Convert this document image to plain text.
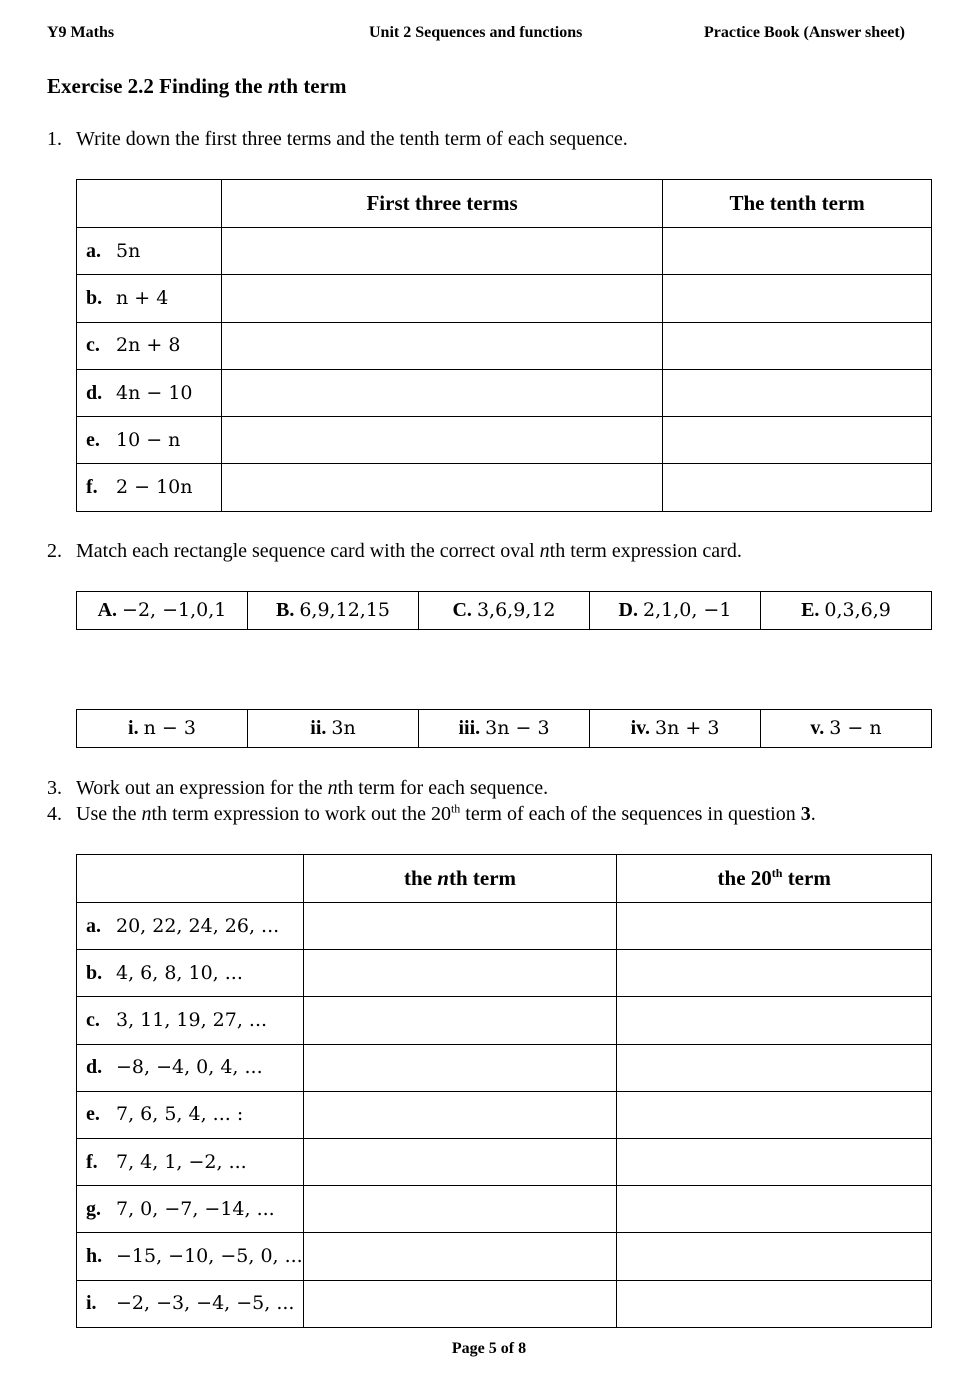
Y9 Maths	Unit 2 Sequences and functions	Practice Book (Answer sheet)
Exercise 2.2 Finding the nth term
1. Write down the first three terms and the tenth term of each sequence.
	First three terms	The tenth term
a. 5n		
b. n + 4		
c. 2n + 8		
d. 4n − 10		
e. 10 − n		
f. 2 − 10n		
2. Match each rectangle sequence card with the correct oval nth term expression card.
A. −2, −1,0,1	B. 6,9,12,15	C. 3,6,9,12	D. 2,1,0, −1	E. 0,3,6,9
i. n − 3	ii. 3n	iii. 3n − 3	iv. 3n + 3	v. 3 − n
3. Work out an expression for the nth term for each sequence.
4. Use the nth term expression to work out the 20th term of each of the sequences in question 3.
	the nth term	the 20th term
a. 20, 22, 24, 26, ...		
b. 4, 6, 8, 10, ...		
c. 3, 11, 19, 27, ...		
d. −8, −4, 0, 4, ...		
e. 7, 6, 5, 4, ... :		
f. 7, 4, 1, −2, ...		
g. 7, 0, −7, −14, ...		
h. −15, −10, −5, 0, ...		
i. −2, −3, −4, −5, ...		
Page 5 of 8
